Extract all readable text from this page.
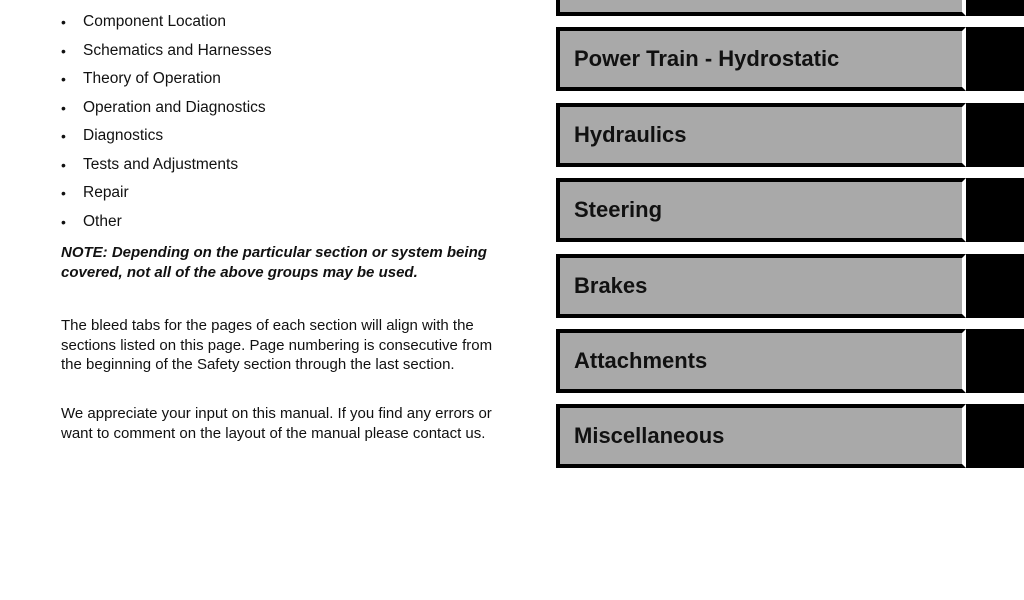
• Component Location
• Schematics and Harnesses
• Theory of Operation
• Operation and Diagnostics
• Diagnostics
• Tests and Adjustments
• Repair
• Other

NOTE: Depending on the particular section or system being covered, not all of the above groups may be used.

The bleed tabs for the pages of each section will align with the sections listed on this page. Page numbering is consecutive from the beginning of the Safety section through the last section.

We appreciate your input on this manual. If you find any errors or want to comment on the layout of the manual please contact us.

Power Train - Hydrostatic
Hydraulics
Steering
Brakes
Attachments
Miscellaneous
